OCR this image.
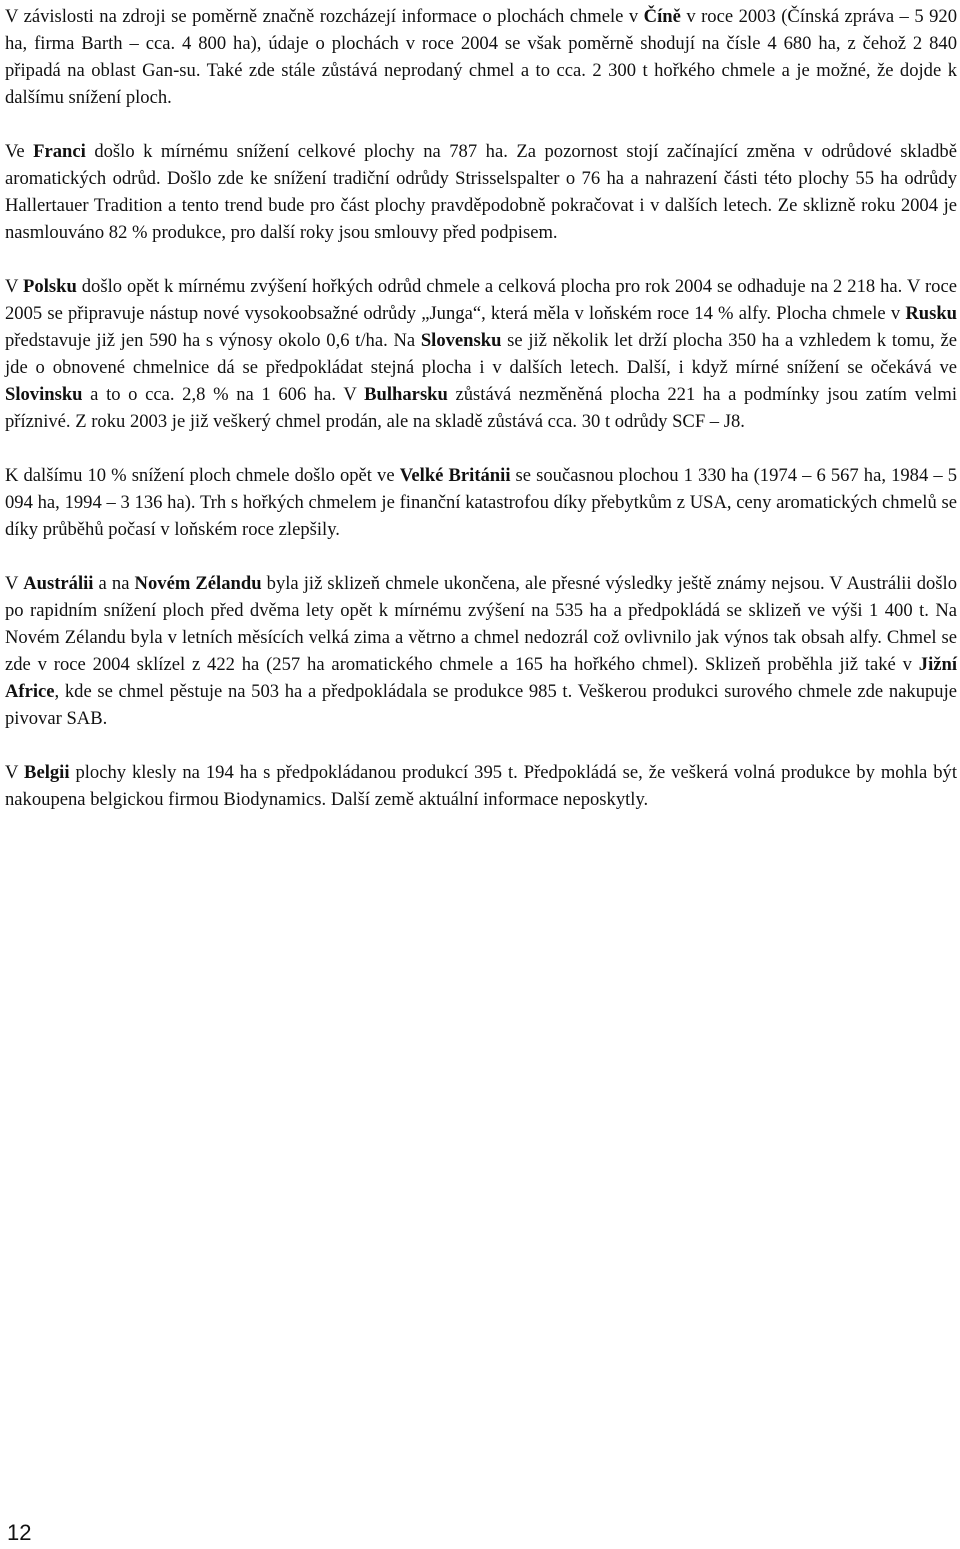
V závislosti na zdroji se poměrně značně rozcházejí informace o plochách chmele v Číně v roce 2003 (Čínská zpráva – 5 920 ha, firma Barth – cca. 4 800 ha), údaje o plochách v roce 2004 se však poměrně shodují na čísle 4 680 ha, z čehož 2 840 připadá na oblast Gan-su. Také zde stále zůstává neprodaný chmel a to cca. 2 300 t hořkého chmele a je možné, že dojde k dalšímu snížení ploch.

Ve Franci došlo k mírnému snížení celkové plochy na 787 ha. Za pozornost stojí začínající změna v odrůdové skladbě aromatických odrůd. Došlo zde ke snížení tradiční odrůdy Strisselspalter o 76 ha a nahrazení části této plochy 55 ha odrůdy Hallertauer Tradition a tento trend bude pro část plochy pravděpodobně pokračovat i v dalších letech. Ze sklizně roku 2004 je nasmlouváno 82 % produkce, pro další roky jsou smlouvy před podpisem.

V Polsku došlo opět k mírnému zvýšení hořkých odrůd chmele a celková plocha pro rok 2004 se odhaduje na 2 218 ha. V roce 2005 se připravuje nástup nové vysokoobsažné odrůdy „Junga“, která měla v loňském roce 14 % alfy. Plocha chmele v Rusku představuje již jen 590 ha s výnosy okolo 0,6 t/ha. Na Slovensku se již několik let drží plocha 350 ha a vzhledem k tomu, že jde o obnovené chmelnice dá se předpokládat stejná plocha i v dalších letech. Další, i když mírné snížení se očekává ve Slovinsku a to o cca. 2,8 % na 1 606 ha. V Bulharsku zůstává nezměněná plocha 221 ha a podmínky jsou zatím velmi příznivé. Z roku 2003 je již veškerý chmel prodán, ale na skladě zůstává cca. 30 t odrůdy SCF – J8.

K dalšímu 10 % snížení ploch chmele došlo opět ve Velké Británii se současnou plochou 1 330 ha (1974 – 6 567 ha, 1984 – 5 094 ha, 1994 – 3 136 ha). Trh s hořkých chmelem je finanční katastrofou díky přebytkům z USA, ceny aromatických chmelů se díky průběhů počasí v loňském roce zlepšily.

V Austrálii a na Novém Zélandu byla již sklizeň chmele ukončena, ale přesné výsledky ještě známy nejsou. V Austrálii došlo po rapidním snížení ploch před dvěma lety opět k mírnému zvýšení na 535 ha a předpokládá se sklizeň ve výši 1 400 t. Na Novém Zélandu byla v letních měsících velká zima a větrno a chmel nedozrál což ovlivnilo jak výnos tak obsah alfy. Chmel se zde v roce 2004 sklízel z 422 ha (257 ha aromatického chmele a 165 ha hořkého chmel). Sklizeň proběhla již také v Jižní Africe, kde se chmel pěstuje na 503 ha a předpokládala se produkce 985 t. Veškerou produkci surového chmele zde nakupuje pivovar SAB.

V Belgii plochy klesly na 194 ha s předpokládanou produkcí 395 t. Předpokládá se, že veškerá volná produkce by mohla být nakoupena belgickou firmou Biodynamics. Další země aktuální informace neposkytly.

12
